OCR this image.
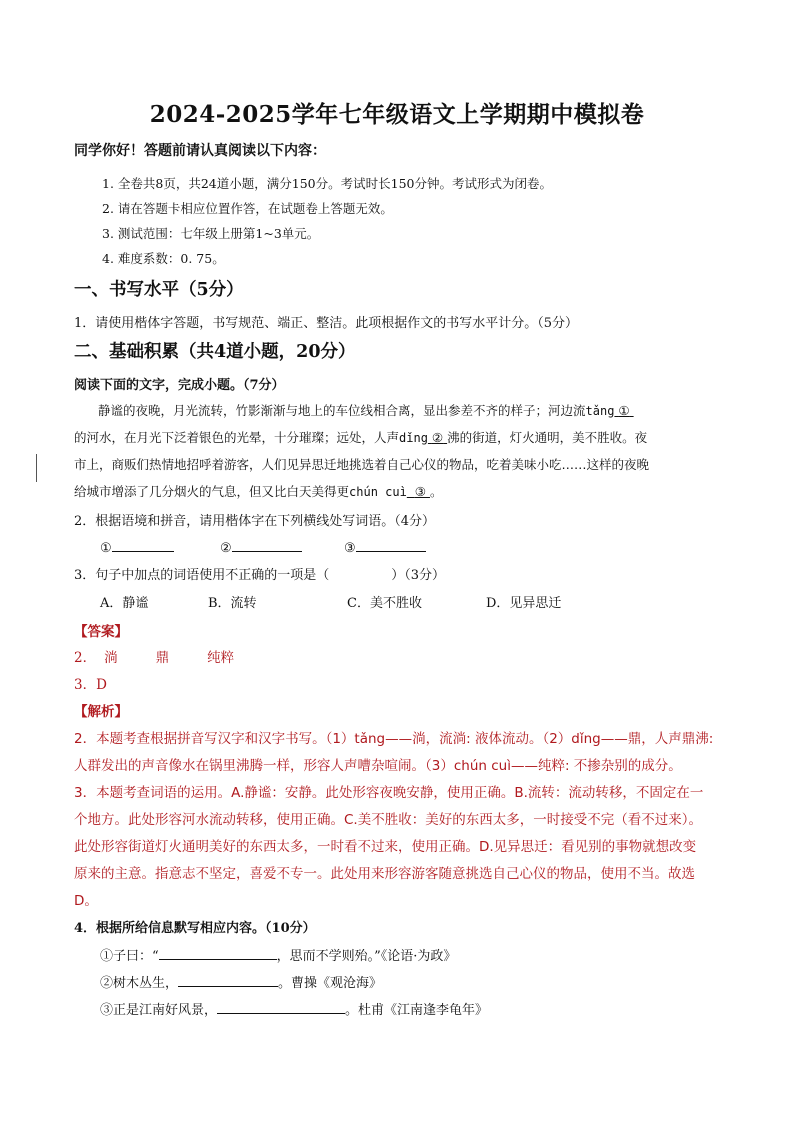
2024-2025学年七年级语文上学期期中模拟卷
同学你好！答题前请认真阅读以下内容：
1. 全卷共8页，共24道小题，满分150分。考试时长150分钟。考试形式为闭卷。
2. 请在答题卡相应位置作答，在试题卷上答题无效。
3. 测试范围：七年级上册第1~3单元。
4. 难度系数：0. 75。
一、书写水平（5分）
1．请使用楷体字答题，书写规范、端正、整洁。此项根据作文的书写水平计分。（5分）
二、基础积累（共4道小题，20分）
阅读下面的文字，完成小题。（7分）
静谧的夜晚，月光流转，竹影渐渐与地上的车位线相合离，显出参差不齐的样子；河边流tǎng ①
的河水，在月光下泛着银色的光晕，十分璀璨；远处，人声dǐng ② 沸的街道，灯火通明，美不胜收。夜
市上，商贩们热情地招呼着游客，人们见异思迁地挑选着自己心仪的物品，吃着美味小吃……这样的夜晚
给城市增添了几分烟火的气息，但又比白天美得更chún cuì ③ 。
2．根据语境和拼音，请用楷体字在下列横线处写词语。（4分）
①	②	③
3．句子中加点的词语使用不正确的一项是（	）（3分）
A．静谧	B．流转	C．美不胜收	D．见异思迁
【答案】
2． 淌	鼎	纯粹
3．D
【解析】
2．本题考查根据拼音写汉字和汉字书写。（1）tǎng——淌，流淌: 液体流动。（2）dǐng——鼎，人声鼎沸:
人群发出的声音像水在锅里沸腾一样，形容人声嘈杂喧闹。（3）chún cuì——纯粹: 不掺杂别的成分。
3．本题考查词语的运用。A.静谧：安静。此处形容夜晚安静，使用正确。B.流转：流动转移，不固定在一
个地方。此处形容河水流动转移，使用正确。C.美不胜收：美好的东西太多，一时接受不完（看不过来）。
此处形容街道灯火通明美好的东西太多，一时看不过来，使用正确。D.见异思迁：看见别的事物就想改变
原来的主意。指意志不坚定，喜爱不专一。此处用来形容游客随意挑选自己心仪的物品，使用不当。故选
D。
4．根据所给信息默写相应内容。（10分）
①子曰：“	，思而不学则殆。”《论语·为政》
②树木丛生，	。曹操《观沧海》
③正是江南好风景，	。杜甫《江南逢李龟年》
